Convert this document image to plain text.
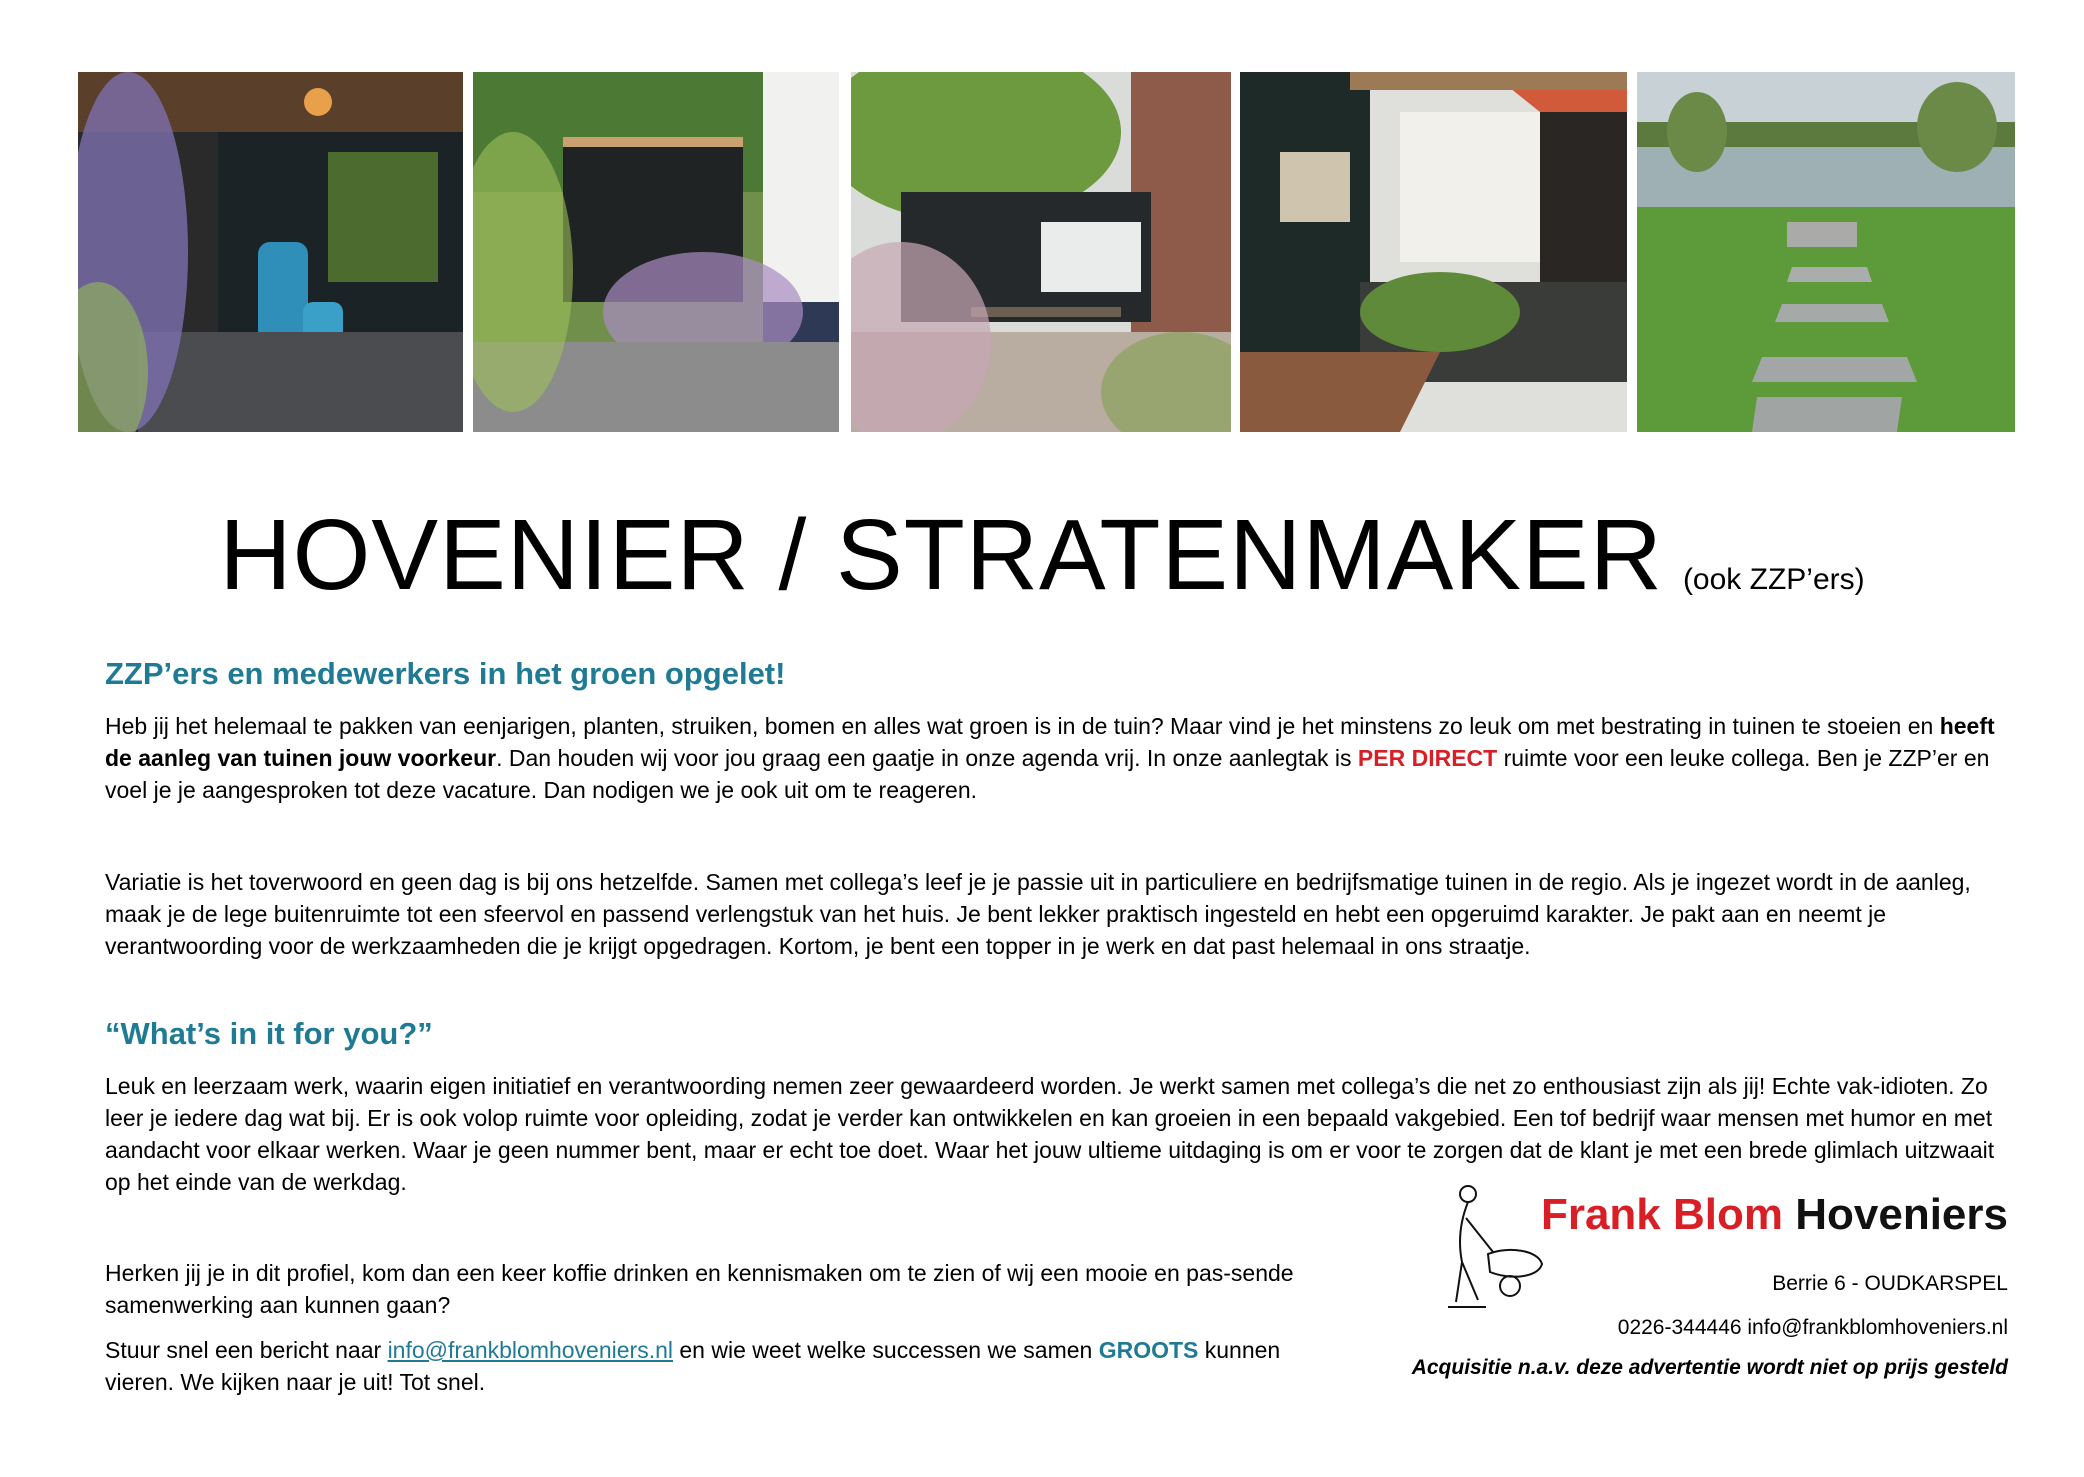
HOVENIER / STRATENMAKER (ook ZZP’ers)
ZZP’ers en medewerkers in het groen opgelet!
Heb jij het helemaal te pakken van eenjarigen, planten, struiken, bomen en alles wat groen is in de tuin? Maar vind je het minstens zo leuk om met bestrating in tuinen te stoeien en heeft de aanleg van tuinen jouw voorkeur. Dan houden wij voor jou graag een gaatje in onze agenda vrij. In onze aanlegtak is PER DIRECT ruimte voor een leuke collega. Ben je ZZP’er en voel je je aangesproken tot deze vacature. Dan nodigen we je ook uit om te reageren.
Variatie is het toverwoord en geen dag is bij ons hetzelfde. Samen met collega’s leef je je passie uit in particuliere en bedrijfsmatige tuinen in de regio. Als je ingezet wordt in de aanleg, maak je de lege buitenruimte tot een sfeervol en passend verlengstuk van het huis. Je bent lekker praktisch ingesteld en hebt een opgeruimd karakter. Je pakt aan en neemt je verantwoording voor de werkzaamheden die je krijgt opgedragen. Kortom, je bent een topper in je werk en dat past helemaal in ons straatje.
“What’s in it for you?”
Leuk en leerzaam werk, waarin eigen initiatief en verantwoording nemen zeer gewaardeerd worden. Je werkt samen met collega’s die net zo enthousiast zijn als jij! Echte vak-idioten. Zo leer je iedere dag wat bij. Er is ook volop ruimte voor opleiding, zodat je verder kan ontwikkelen en kan groeien in een bepaald vakgebied. Een tof bedrijf waar mensen met humor en met aandacht voor elkaar werken. Waar je geen nummer bent, maar er echt toe doet. Waar het jouw ultieme uitdaging is om er voor te zorgen dat de klant je met een brede glimlach uitzwaait op het einde van de werkdag.
Herken jij je in dit profiel, kom dan een keer koffie drinken en kennismaken om te zien of wij een mooie en pas-sende samenwerking aan kunnen gaan?
Stuur snel een bericht naar info@frankblomhoveniers.nl en wie weet welke successen we samen GROOTS kunnen vieren. We kijken naar je uit! Tot snel.
Frank Blom Hoveniers
Berrie 6 - OUDKARSPEL
0226-344446 info@frankblomhoveniers.nl
Acquisitie n.a.v. deze advertentie wordt niet op prijs gesteld
